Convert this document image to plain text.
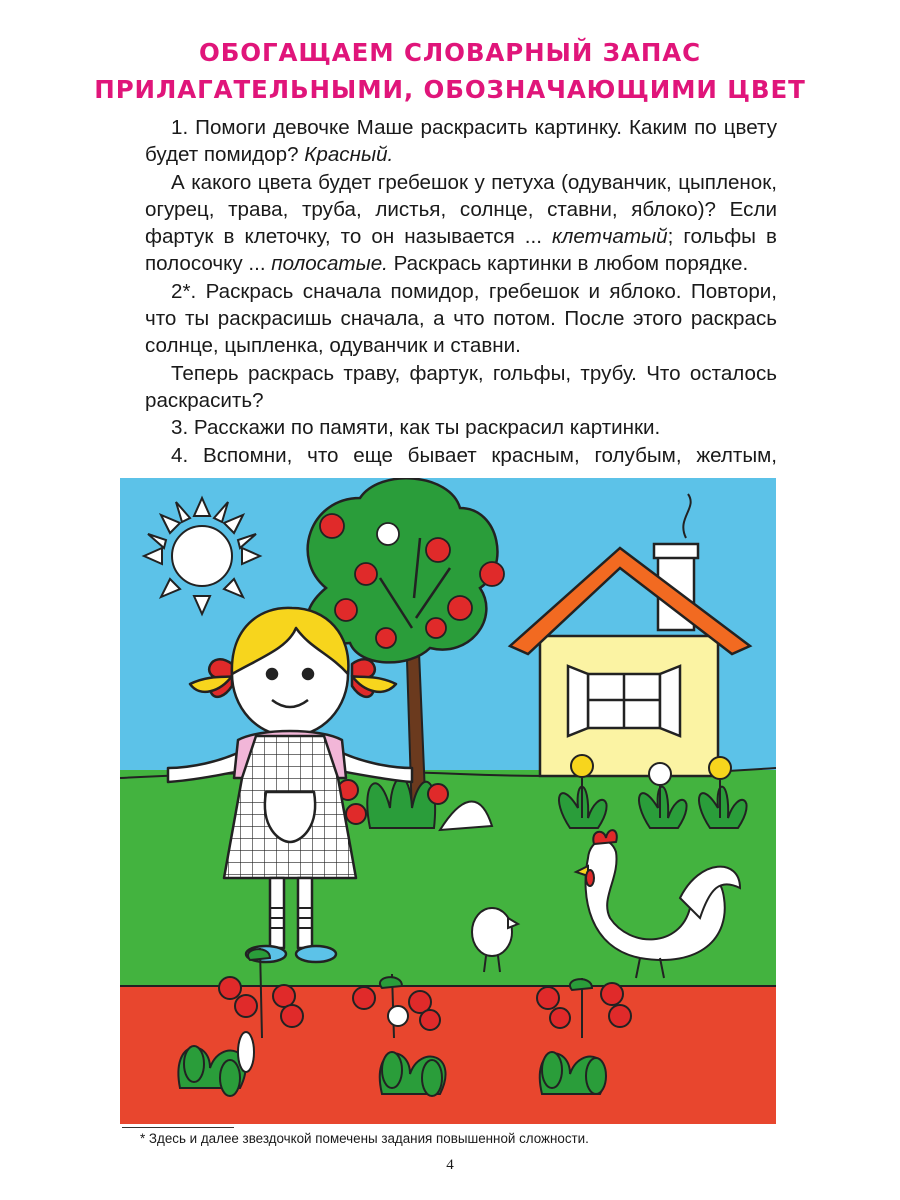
ОБОГАЩАЕМ СЛОВАРНЫЙ ЗАПАС
ПРИЛАГАТЕЛЬНЫМИ, ОБОЗНАЧАЮЩИМИ ЦВЕТ

1. Помоги девочке Маше раскрасить картинку. Каким по цвету будет помидор? Красный.

А какого цвета будет гребешок у петуха (одуванчик, цыпленок, огурец, трава, труба, листья, солнце, ставни, яблоко)? Если фартук в клеточку, то он называется ... клетчатый; гольфы в полосочку ... полосатые. Раскрась картинки в любом порядке.

2*. Раскрась сначала помидор, гребешок и яблоко. Повтори, что ты раскрасишь сначала, а что потом. После этого раскрась солнце, цыпленка, одуванчик и ставни.

Теперь раскрась траву, фартук, гольфы, трубу. Что осталось раскрасить?

3. Расскажи по памяти, как ты раскрасил картинки.

4. Вспомни, что еще бывает красным, голубым, желтым,

* Здесь и далее звездочкой помечены задания повышенной сложности.
4
